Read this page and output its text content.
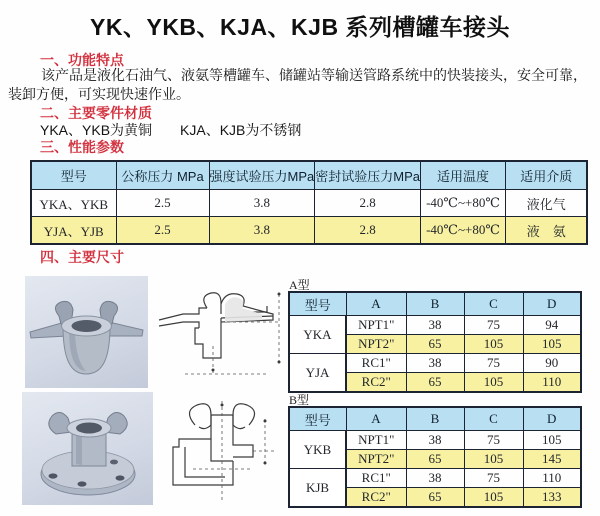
YK、YKB、KJA、KJB 系列槽罐车接头
一、功能特点
该产品是液化石油气、液氨等槽罐车、储罐站等输送管路系统中的快装接头，安全可靠，装卸方便，可实现快速作业。
二、主要零件材质
YKA、YKB为黄铜　　KJA、KJB为不锈钢
三、性能参数
型号	公称压力 MPa	强度试验压力MPa	密封试验压力MPa	适用温度	适用介质
YKA、YKB	2.5	3.8	2.8	-40℃~+80℃	液化气
YJA、YJB	2.5	3.8	2.8	-40℃~+80℃	液　氨
四、主要尺寸
A型
型号	A	B	C	D
YKA	NPT1"	38	75	94
	NPT2"	65	105	105
YJA	RC1"	38	75	90
	RC2"	65	105	110
B型
型号	A	B	C	D
YKB	NPT1"	38	75	105
	NPT2"	65	105	145
KJB	RC1"	38	75	110
	RC2"	65	105	133
